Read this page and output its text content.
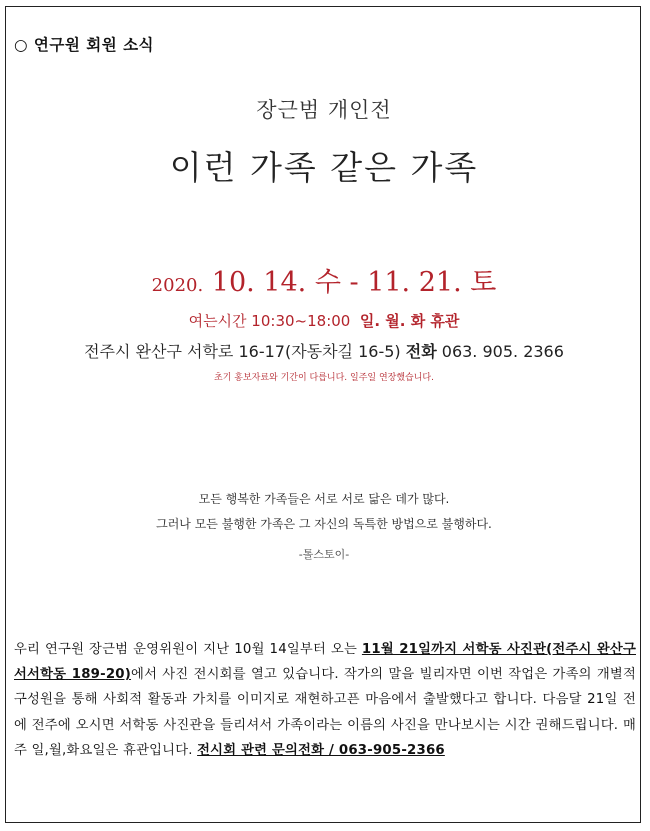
○ 연구원 회원 소식
장근범 개인전
이런 가족 같은 가족
2020. 10. 14. 수 - 11. 21. 토
여는시간 10:30~18:00 일. 월. 화 휴관
전주시 완산구 서학로 16-17(자동차길 16-5) 전화 063. 905. 2366
초기 홍보자료와 기간이 다릅니다. 일주일 연장했습니다.
모든 행복한 가족들은 서로 서로 닮은 데가 많다.
그러나 모든 불행한 가족은 그 자신의 독특한 방법으로 불행하다.
-톨스토이-
우리 연구원 장근범 운영위원이 지난 10월 14일부터 오는 11월 21일까지 서학동 사진관(전주시 완산구 서서학동 189-20)에서 사진 전시회를 열고 있습니다. 작가의 말을 빌리자면 이번 작업은 가족의 개별적 구성원을 통해 사회적 활동과 가치를 이미지로 재현하고픈 마음에서 출발했다고 합니다. 다음달 21일 전에 전주에 오시면 서학동 사진관을 들리셔서 가족이라는 이름의 사진을 만나보시는 시간 권해드립니다. 매주 일,월,화요일은 휴관입니다. 전시회 관련 문의전화 / 063-905-2366
